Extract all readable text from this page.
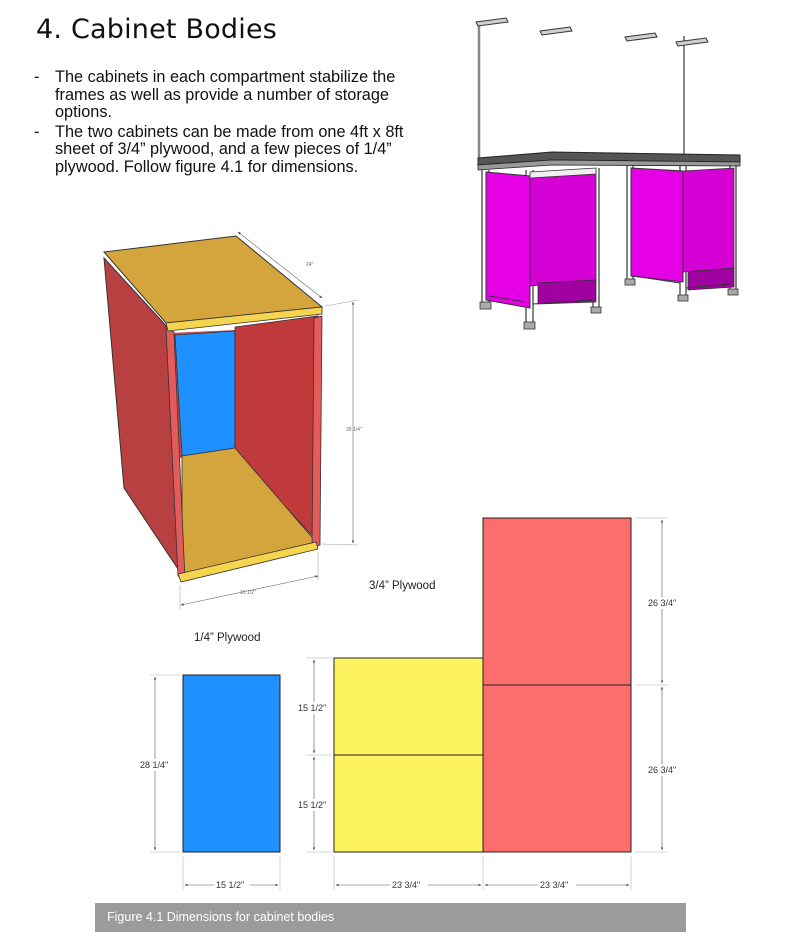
4. Cabinet Bodies
- The cabinets in each compartment stabilize the frames as well as provide a number of storage options.
- The two cabinets can be made from one 4ft x 8ft sheet of 3/4” plywood, and a few pieces of 1/4” plywood. Follow figure 4.1 for dimensions.
24"
28 1/4"
15 1/2"
1/4” Plywood
3/4” Plywood
28 1/4"
15 1/2"
15 1/2"
15 1/2"
23 3/4"	23 3/4"
26 3/4"
26 3/4"
Figure 4.1 Dimensions for cabinet bodies
